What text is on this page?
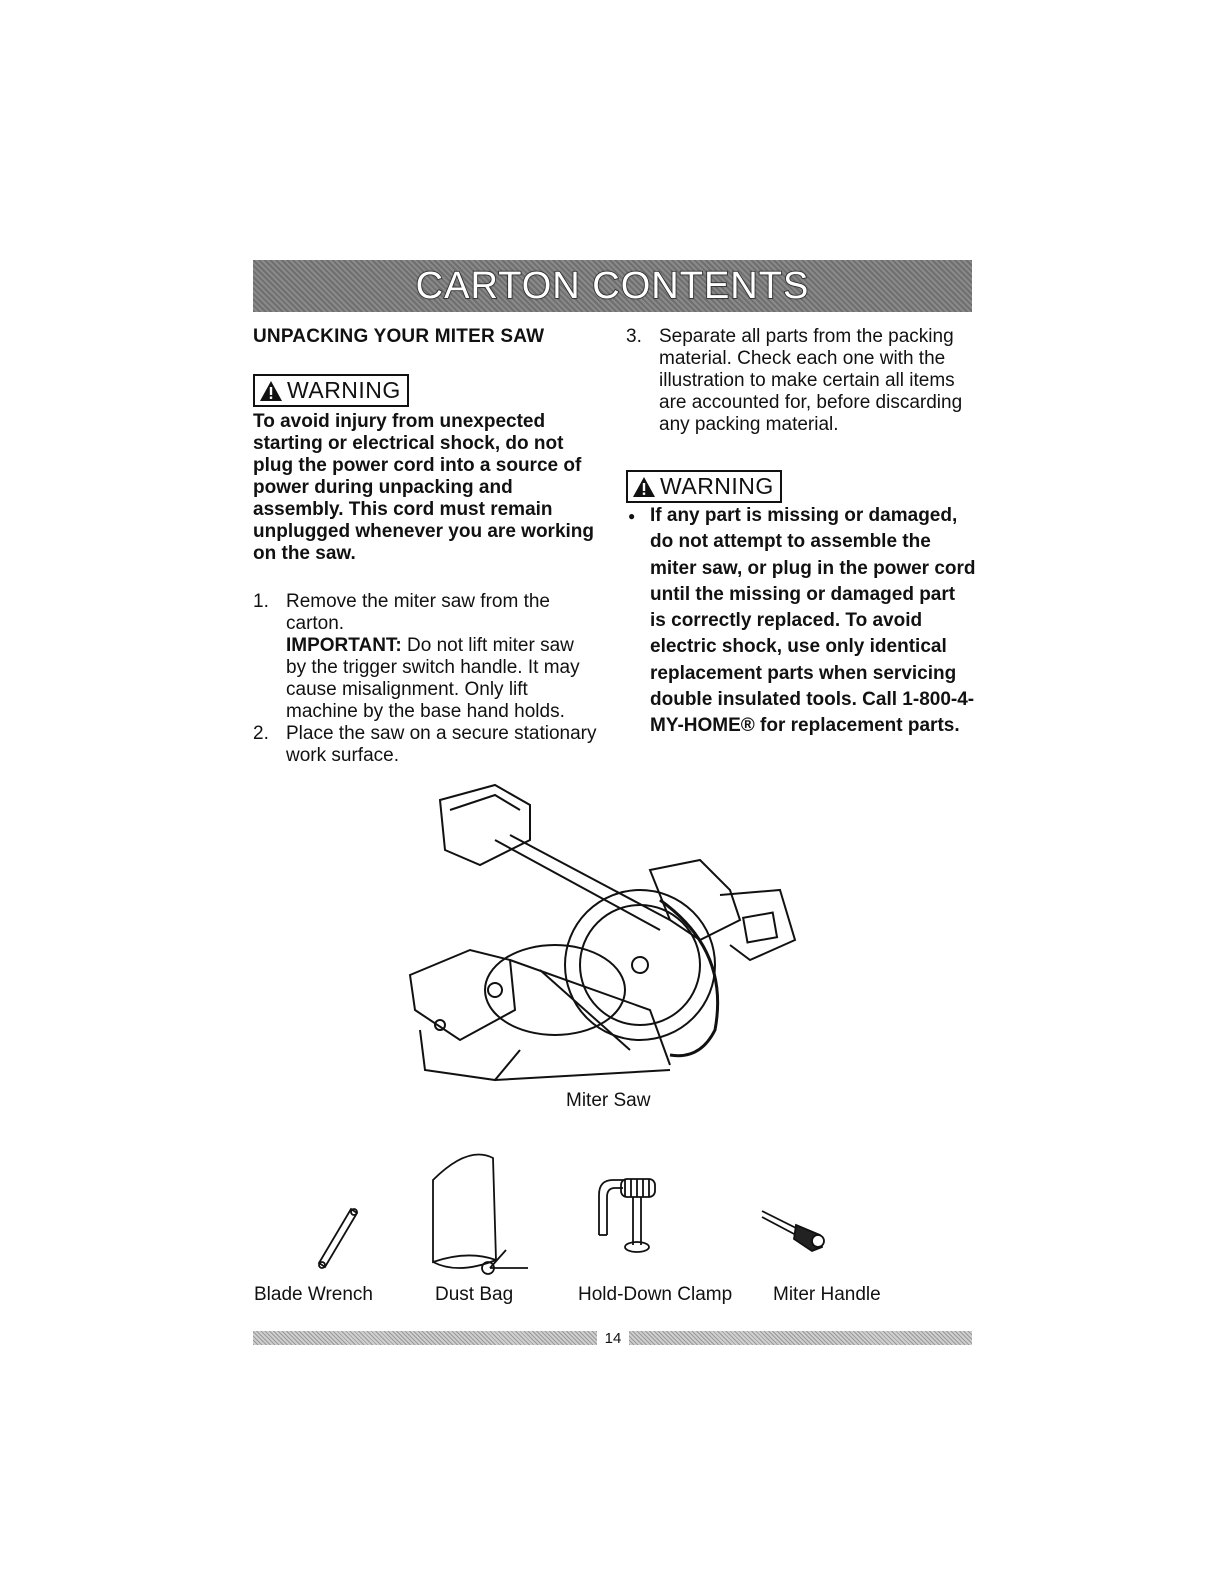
CARTON CONTENTS

UNPACKING YOUR MITER SAW

WARNING

To avoid injury from unexpected starting or electrical shock, do not plug the power cord into a source of power during unpacking and assembly. This cord must remain unplugged whenever you are working on the saw.

1. Remove the miter saw from the carton.
IMPORTANT: Do not lift miter saw by the trigger switch handle. It may cause misalignment. Only lift machine by the base hand holds.
2. Place the saw on a secure stationary work surface.
3. Separate all parts from the packing material. Check each one with the illustration to make certain all items are accounted for, before discarding any packing material.
WARNING
● If any part is missing or damaged, do not attempt to assemble the miter saw, or plug in the power cord until the missing or damaged part is correctly replaced. To avoid electric shock, use only identical replacement parts when servicing double insulated tools. Call 1-800-4-MY-HOME® for replacement parts.
Miter Saw
Blade Wrench	Dust Bag	Hold-Down Clamp Miter Handle
14
